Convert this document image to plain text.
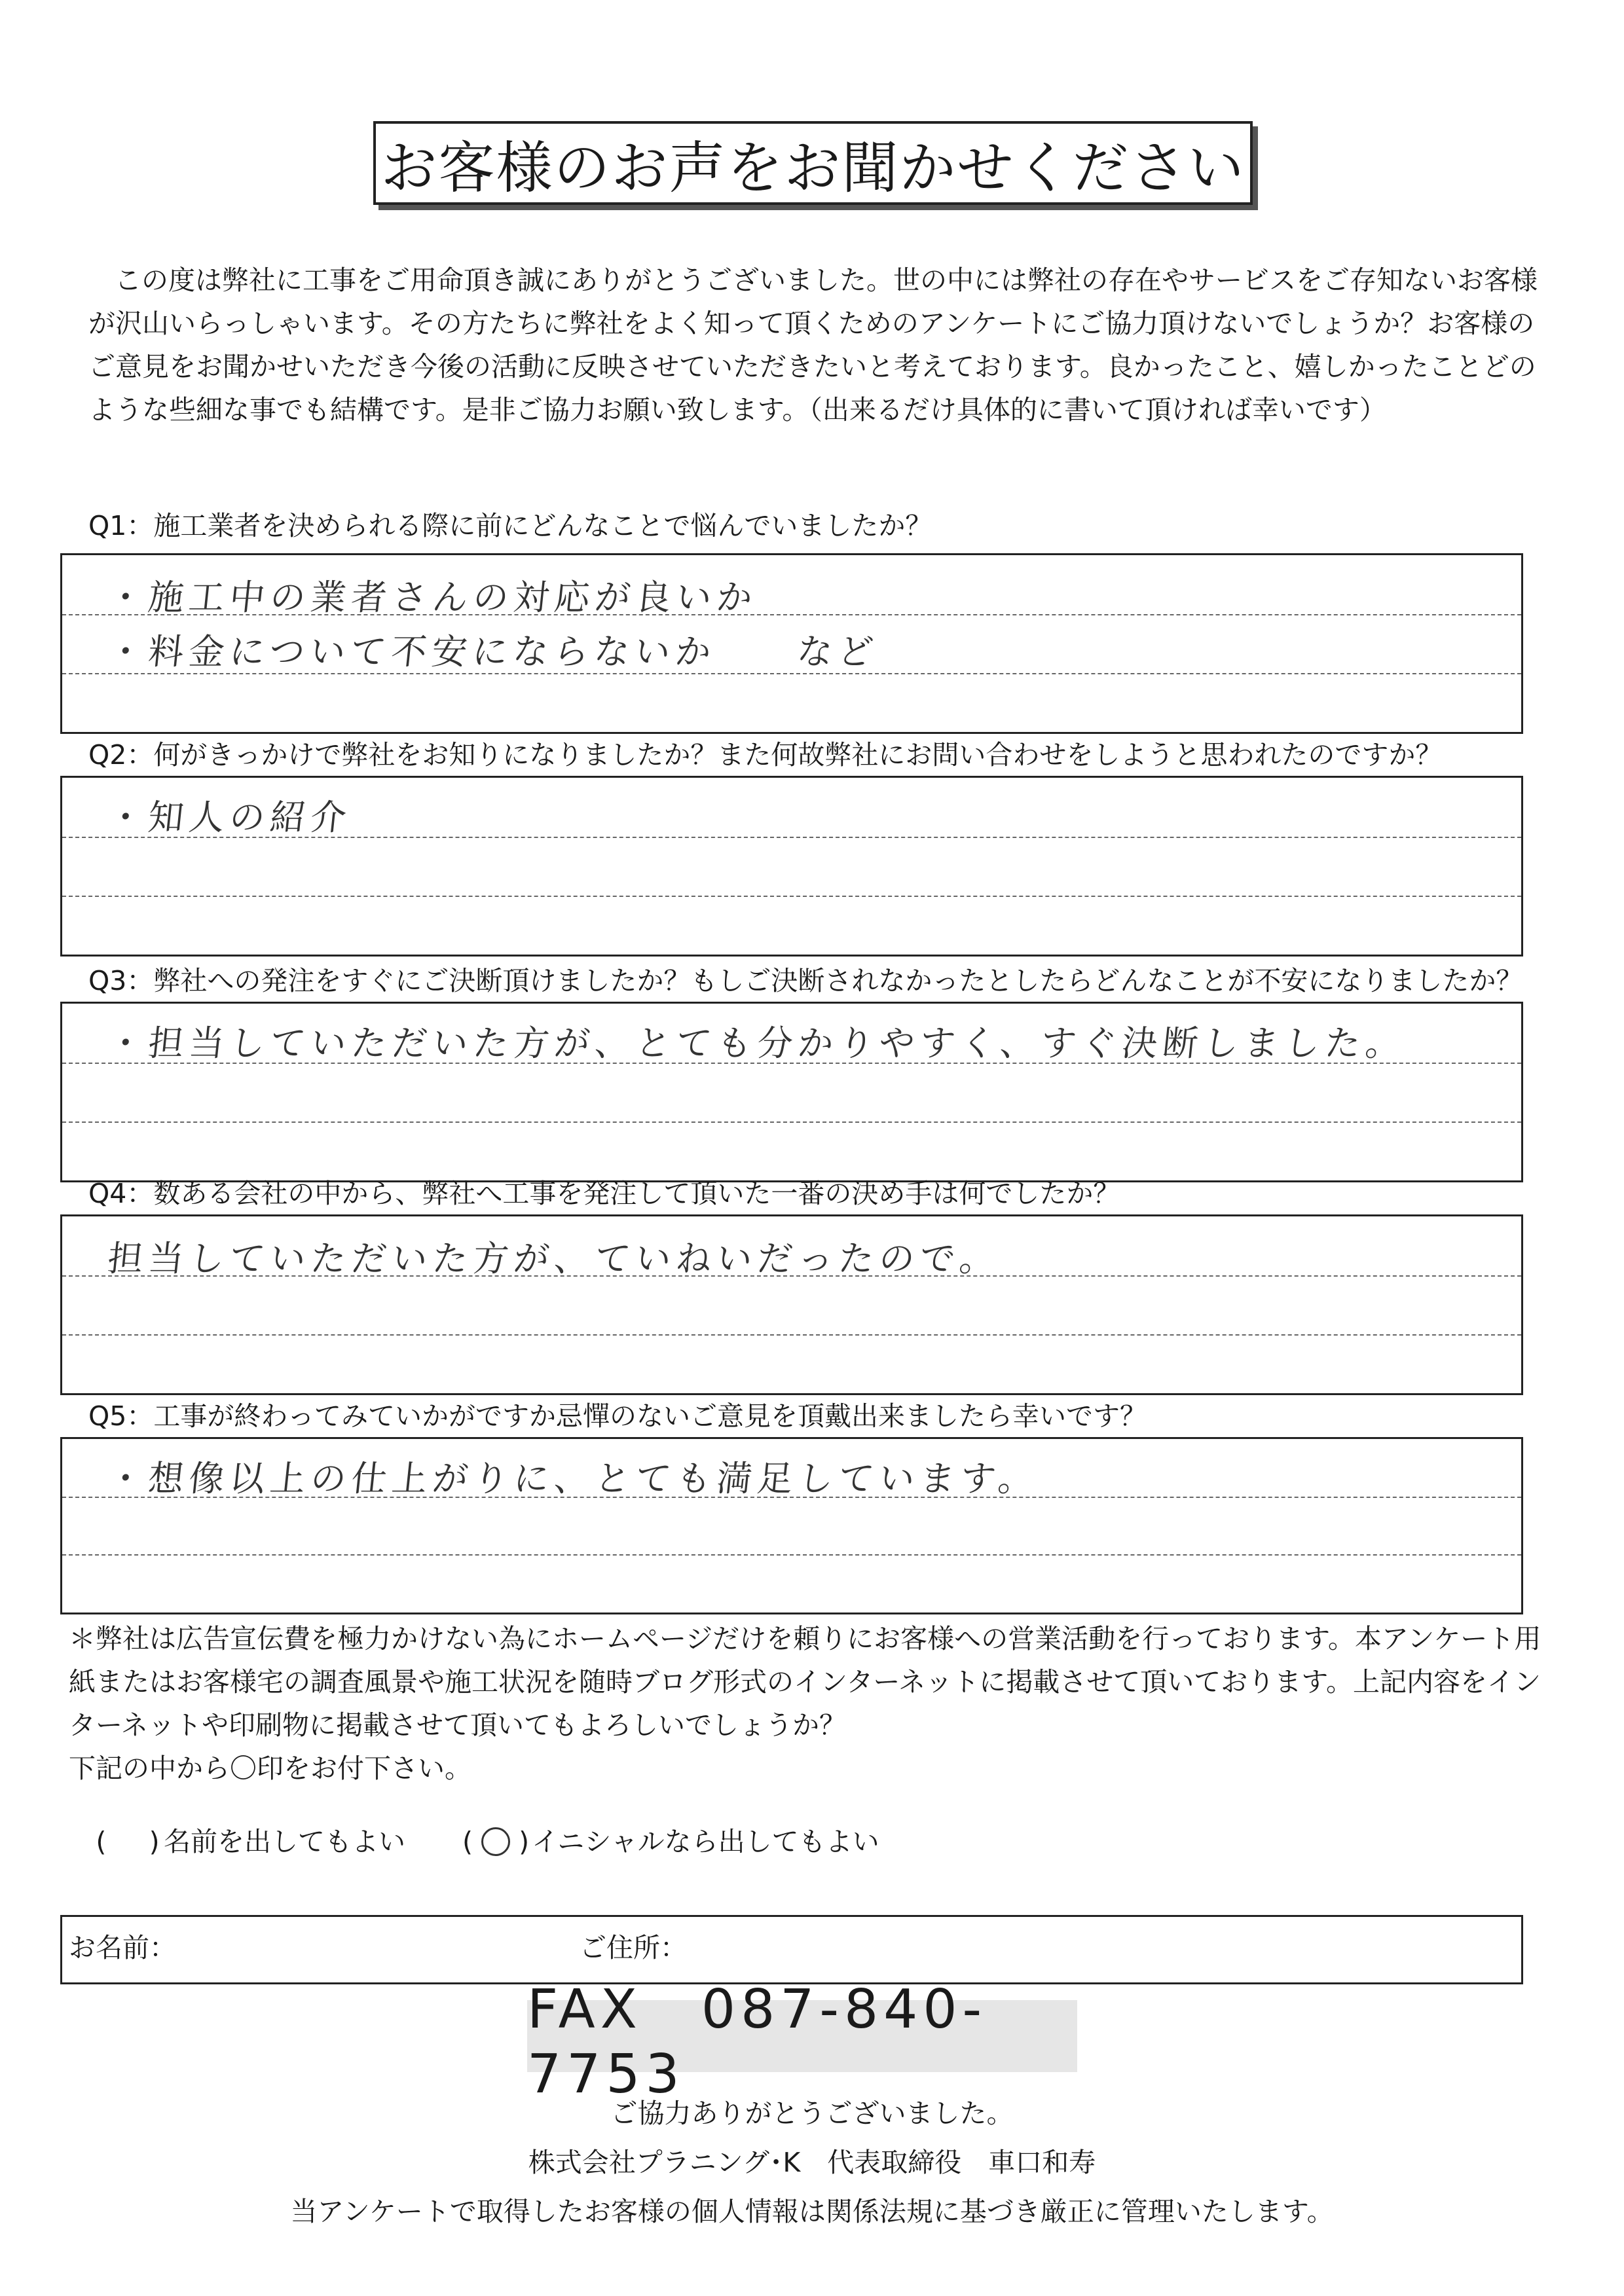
お客様のお声をお聞かせください
この度は弊社に工事をご用命頂き誠にありがとうございました。世の中には弊社の存在やサービスをご存知ないお客様が沢山いらっしゃいます。その方たちに弊社をよく知って頂くためのアンケートにご協力頂けないでしょうか？お客様のご意見をお聞かせいただき今後の活動に反映させていただきたいと考えております。良かったこと、嬉しかったことどのような些細な事でも結構です。是非ご協力お願い致します。（出来るだけ具体的に書いて頂ければ幸いです）
Q1：施工業者を決められる際に前にどんなことで悩んでいましたか？
・施工中の業者さんの対応が良いか
・料金について不安にならないか　　など
Q2：何がきっかけで弊社をお知りになりましたか？また何故弊社にお問い合わせをしようと思われたのですか？
・知人の紹介
Q3：弊社への発注をすぐにご決断頂けましたか？もしご決断されなかったとしたらどんなことが不安になりましたか？
・担当していただいた方が、とても分かりやすく、すぐ決断しました。
Q4：数ある会社の中から、弊社へ工事を発注して頂いた一番の決め手は何でしたか？
担当していただいた方が、ていねいだったので。
Q5：工事が終わってみていかがですか忌憚のないご意見を頂戴出来ましたら幸いです？
・想像以上の仕上がりに、とても満足しています。
＊弊社は広告宣伝費を極力かけない為にホームページだけを頼りにお客様への営業活動を行っております。本アンケート用紙またはお客様宅の調査風景や施工状況を随時ブログ形式のインターネットに掲載させて頂いております。上記内容をインターネットや印刷物に掲載させて頂いてもよろしいでしょうか？
下記の中から〇印をお付下さい。
(     ) 名前を出してもよい ( ○ )イニシャルなら出してもよい
お名前：	ご住所：
FAX　087-840-7753
ご協力ありがとうございました。
株式会社プラニング･K　代表取締役　車口和寿
当アンケートで取得したお客様の個人情報は関係法規に基づき厳正に管理いたします。
